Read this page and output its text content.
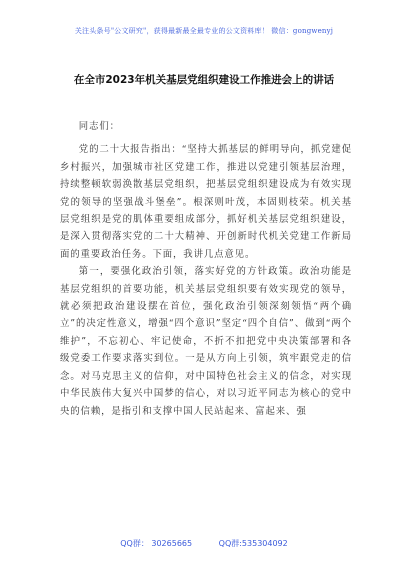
关注头条号"公文研究"，获得最新最全最专业的公文资料库！ 微信：gongwenyj
在全市2023年机关基层党组织建设工作推进会上的讲话

同志们：

党的二十大报告指出：“坚持大抓基层的鲜明导向，抓党建促乡村振兴，加强城市社区党建工作，推进以党建引领基层治理，持续整顿软弱涣散基层党组织，把基层党组织建设成为有效实现党的领导的坚强战斗堡垒”。根深则叶茂，本固则枝荣。机关基层党组织是党的肌体重要组成部分，抓好机关基层党组织建设，是深入贯彻落实党的二十大精神、开创新时代机关党建工作新局面的重要政治任务。下面，我讲几点意见。

第一，要强化政治引领，落实好党的方针政策。政治功能是基层党组织的首要功能，机关基层党组织要有效实现党的领导，就必须把政治建设摆在首位，强化政治引领深刻领悟“两个确立”的决定性意义，增强“四个意识”坚定“四个自信”、做到“两个维护”，不忘初心、牢记使命，不折不扣把党中央决策部署和各级党委工作要求落实到位。一是从方向上引领，筑牢跟党走的信念。对马克思主义的信仰，对中国特色社会主义的信念，对实现中华民族伟大复兴中国梦的信心，对以习近平同志为核心的党中央的信赖，是指引和支撑中国人民站起来、富起来、强

QQ群： 30265665	QQ群:535304092
